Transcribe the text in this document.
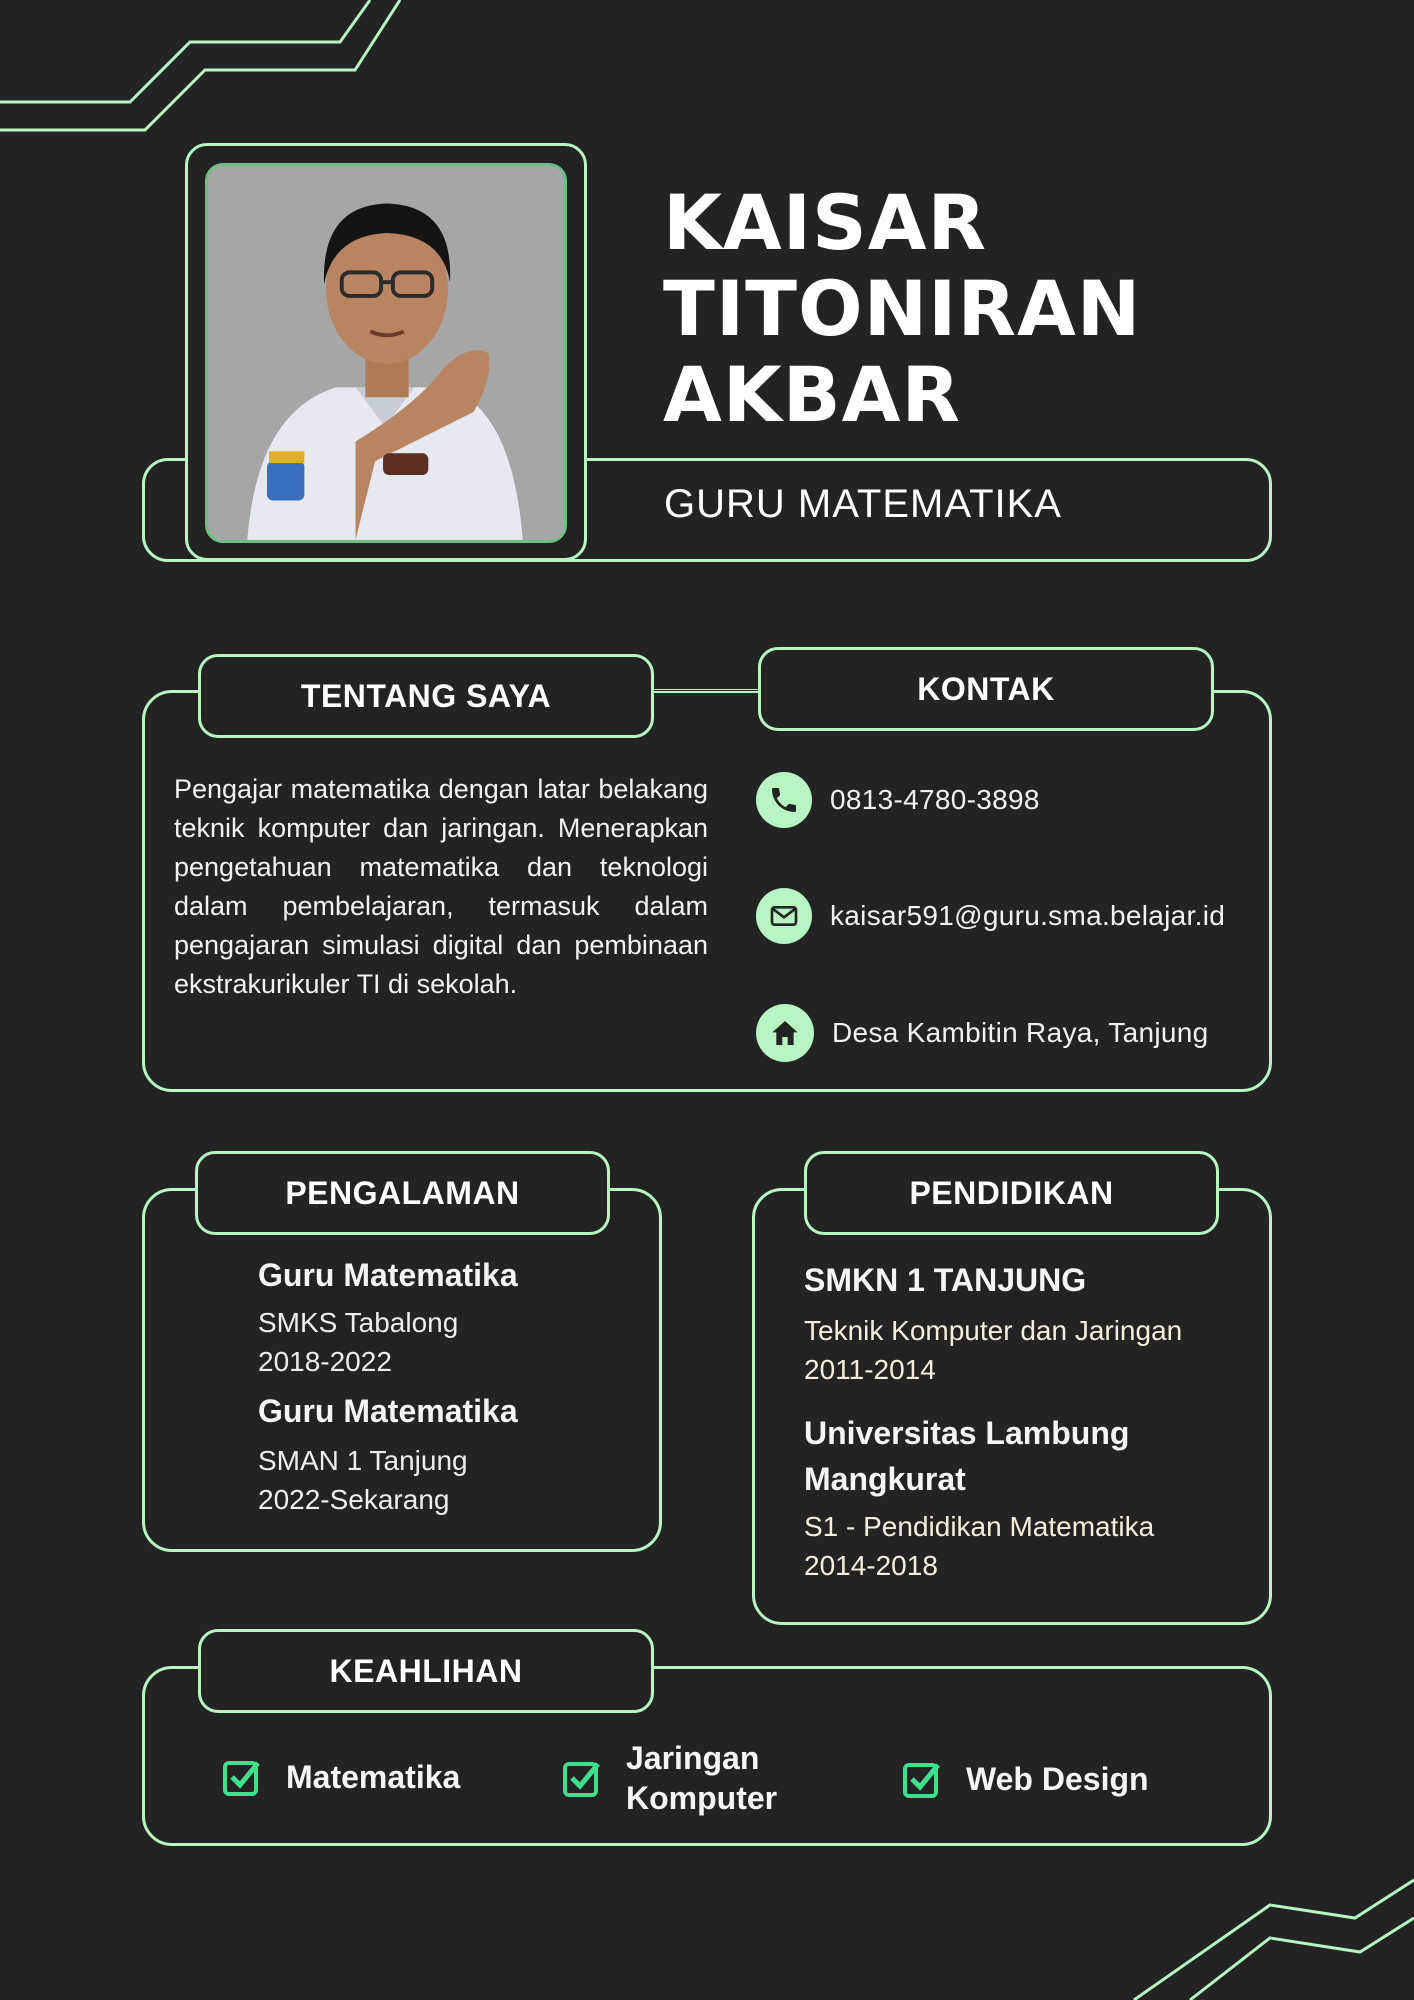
KAISAR
TITONIRAN
AKBAR
GURU MATEMATIKA
TENTANG SAYA	KONTAK

Pengajar matematika dengan latar belakang teknik komputer dan jaringan. Menerapkan pengetahuan matematika dan teknologi dalam pembelajaran, termasuk dalam pengajaran simulasi digital dan pembinaan ekstrakurikuler TI di sekolah.

0813-4780-3898
kaisar591@guru.sma.belajar.id
Desa Kambitin Raya, Tanjung
PENGALAMAN
Guru Matematika
SMKS Tabalong
2018-2022
Guru Matematika
SMAN 1 Tanjung
2022-Sekarang
PENDIDIKAN
SMKN 1 TANJUNG
Teknik Komputer dan Jaringan
2011-2014
Universitas Lambung
Mangkurat
S1 - Pendidikan Matematika
2014-2018
KEAHLIHAN
Matematika
Jaringan
Komputer
Web Design
